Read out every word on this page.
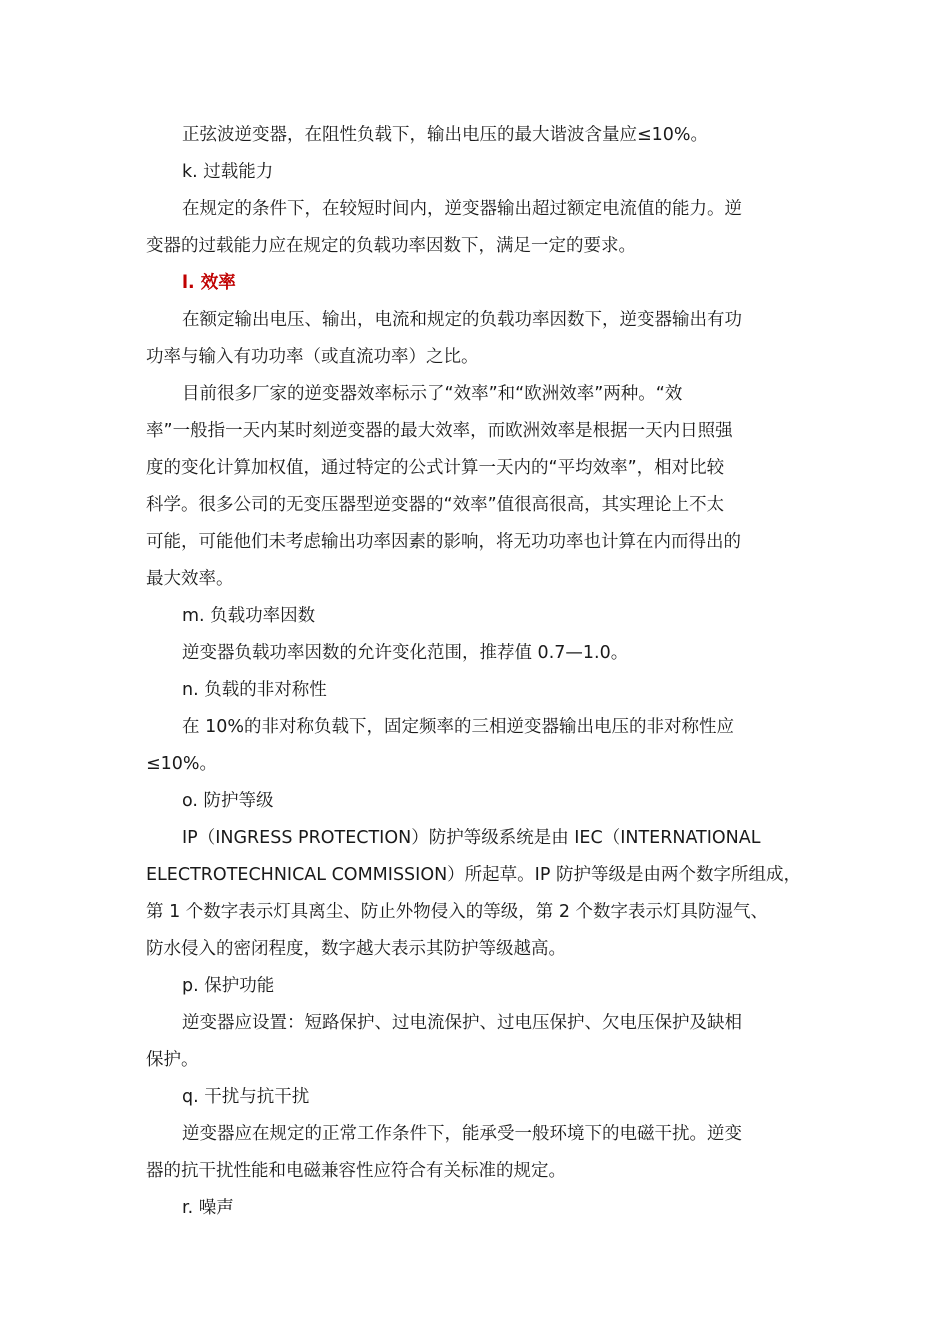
正弦波逆变器，在阻性负载下，输出电压的最大谐波含量应≤10%。

k. 过载能力

在规定的条件下，在较短时间内，逆变器输出超过额定电流值的能力。逆
变器的过载能力应在规定的负载功率因数下，满足一定的要求。

l. 效率

在额定输出电压、输出，电流和规定的负载功率因数下，逆变器输出有功
功率与输入有功功率（或直流功率）之比。
目前很多厂家的逆变器效率标示了“效率”和“欧洲效率”两种。“效
率”一般指一天内某时刻逆变器的最大效率，而欧洲效率是根据一天内日照强
度的变化计算加权值，通过特定的公式计算一天内的“平均效率”，相对比较
科学。很多公司的无变压器型逆变器的“效率”值很高很高，其实理论上不太
可能，可能他们未考虑输出功率因素的影响，将无功功率也计算在内而得出的
最大效率。

m. 负载功率因数

逆变器负载功率因数的允许变化范围，推荐值 0.7—1.0。

n. 负载的非对称性

在 10%的非对称负载下，固定频率的三相逆变器输出电压的非对称性应
≤10%。

o. 防护等级

IP（INGRESS PROTECTION）防护等级系统是由 IEC（INTERNATIONAL
ELECTROTECHNICAL COMMISSION）所起草。IP 防护等级是由两个数字所组成，
第 1 个数字表示灯具离尘、防止外物侵入的等级，第 2 个数字表示灯具防湿气、
防水侵入的密闭程度，数字越大表示其防护等级越高。

p. 保护功能

逆变器应设置：短路保护、过电流保护、过电压保护、欠电压保护及缺相
保护。

q. 干扰与抗干扰

逆变器应在规定的正常工作条件下，能承受一般环境下的电磁干扰。逆变
器的抗干扰性能和电磁兼容性应符合有关标准的规定。

r. 噪声
